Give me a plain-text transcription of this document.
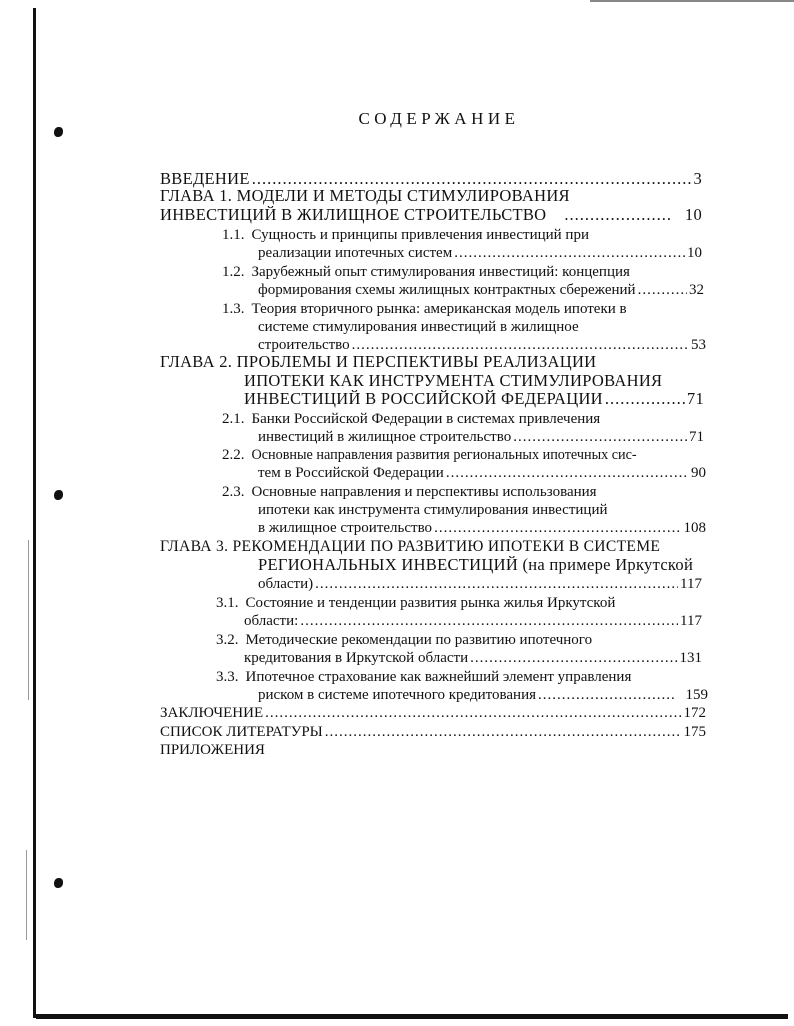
СОДЕРЖАНИЕ
ВВЕДЕНИЕ .....	3
ГЛАВА 1. МОДЕЛИ И МЕТОДЫ СТИМУЛИРОВАНИЯ
ИНВЕСТИЦИЙ В ЖИЛИЩНОЕ СТРОИТЕЛЬСТВО .....	10
1.1. Сущность и принципы привлечения инвестиций при
реализации ипотечных систем .....	10
1.2. Зарубежный опыт стимулирования инвестиций: концепция
формирования схемы жилищных контрактных сбережений .....	32
1.3. Теория вторичного рынка: американская модель ипотеки в
системе стимулирования инвестиций в жилищное
строительство .....	53
ГЛАВА 2. ПРОБЛЕМЫ И ПЕРСПЕКТИВЫ РЕАЛИЗАЦИИ
ИПОТЕКИ КАК ИНСТРУМЕНТА СТИМУЛИРОВАНИЯ
ИНВЕСТИЦИЙ В РОССИЙСКОЙ ФЕДЕРАЦИИ .....	71
2.1. Банки Российской Федерации в системах привлечения
инвестиций в жилищное строительство .....	71
2.2. Основные направления развития региональных ипотечных сис-
тем в Российской Федерации .....	90
2.3. Основные направления и перспективы использования
ипотеки как инструмента стимулирования инвестиций
в жилищное строительство .....	108
ГЛАВА 3. РЕКОМЕНДАЦИИ ПО РАЗВИТИЮ ИПОТЕКИ В СИСТЕМЕ
РЕГИОНАЛЬНЫХ ИНВЕСТИЦИЙ (на примере Иркутской
области) .....	117
3.1. Состояние и тенденции развития рынка жилья Иркутской
области: .....	117
3.2. Методические рекомендации по развитию ипотечного
кредитования в Иркутской области .....	131
3.3. Ипотечное страхование как важнейший элемент управления
риском в системе ипотечного кредитования .....	159
ЗАКЛЮЧЕНИЕ .....	172
СПИСОК ЛИТЕРАТУРЫ .....	175
ПРИЛОЖЕНИЯ
